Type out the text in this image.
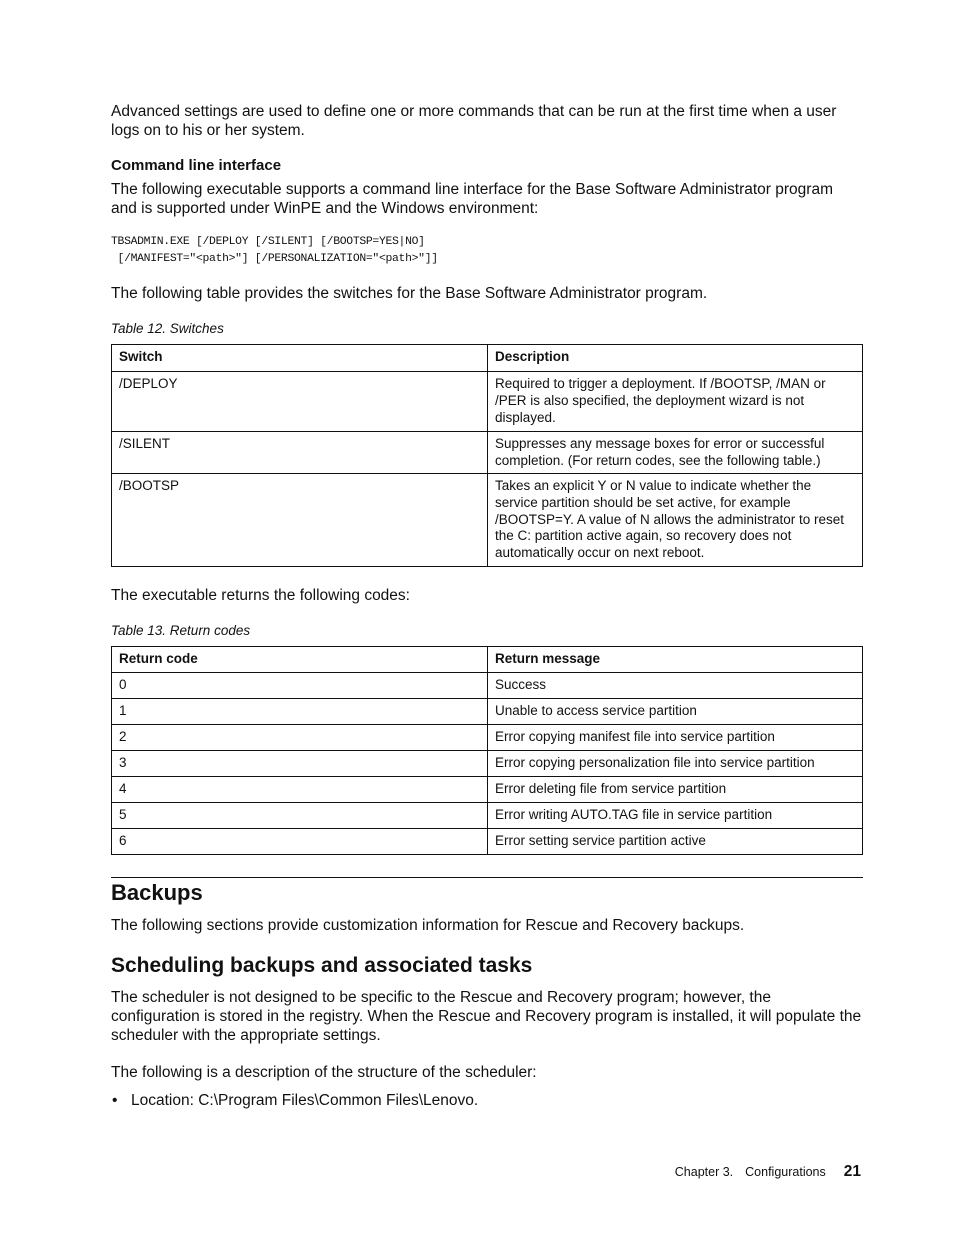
Advanced settings are used to define one or more commands that can be run at the first time when a user logs on to his or her system.

Command line interface

The following executable supports a command line interface for the Base Software Administrator program and is supported under WinPE and the Windows environment:

TBSADMIN.EXE [/DEPLOY [/SILENT] [/BOOTSP=YES|NO]
[/MANIFEST="<path>"] [/PERSONALIZATION="<path>"]]

The following table provides the switches for the Base Software Administrator program.

Table 12. Switches
Switch	Description
/DEPLOY	Required to trigger a deployment. If /BOOTSP, /MAN or /PER is also specified, the deployment wizard is not displayed.
/SILENT	Suppresses any message boxes for error or successful completion. (For return codes, see the following table.)
/BOOTSP	Takes an explicit Y or N value to indicate whether the service partition should be set active, for example /BOOTSP=Y. A value of N allows the administrator to reset the C: partition active again, so recovery does not automatically occur on next reboot.

The executable returns the following codes:

Table 13. Return codes
Return code	Return message
0	Success
1	Unable to access service partition
2	Error copying manifest file into service partition
3	Error copying personalization file into service partition
4	Error deleting file from service partition
5	Error writing AUTO.TAG file in service partition
6	Error setting service partition active
Backups

The following sections provide customization information for Rescue and Recovery backups.

Scheduling backups and associated tasks

The scheduler is not designed to be specific to the Rescue and Recovery program; however, the configuration is stored in the registry. When the Rescue and Recovery program is installed, it will populate the scheduler with the appropriate settings.

The following is a description of the structure of the scheduler:

• Location: C:\Program Files\Common Files\Lenovo.

Chapter 3. Configurations 21
